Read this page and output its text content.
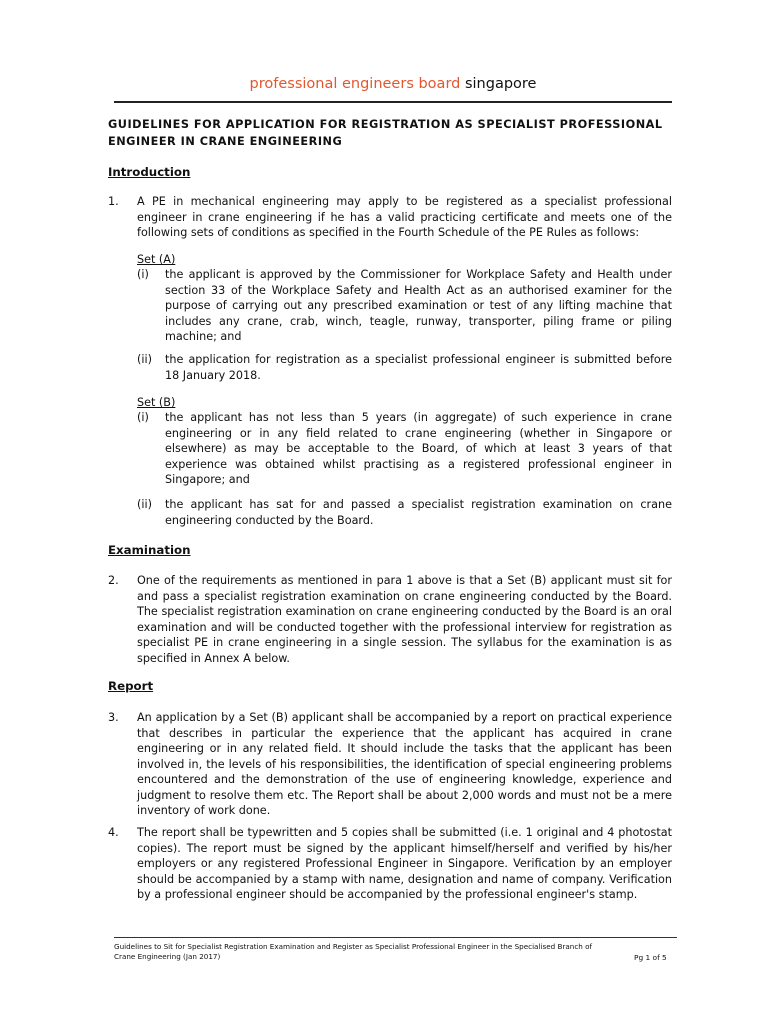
professional engineers board singapore
GUIDELINES FOR APPLICATION FOR REGISTRATION AS SPECIALIST PROFESSIONAL
ENGINEER IN CRANE ENGINEERING
Introduction
1. A PE in mechanical engineering may apply to be registered as a specialist professional engineer in crane engineering if he has a valid practicing certificate and meets one of the following sets of conditions as specified in the Fourth Schedule of the PE Rules as follows:
Set (A)
(i) the applicant is approved by the Commissioner for Workplace Safety and Health under section 33 of the Workplace Safety and Health Act as an authorised examiner for the purpose of carrying out any prescribed examination or test of any lifting machine that includes any crane, crab, winch, teagle, runway, transporter, piling frame or piling machine; and
(ii) the application for registration as a specialist professional engineer is submitted before 18 January 2018.
Set (B)
(i) the applicant has not less than 5 years (in aggregate) of such experience in crane engineering or in any field related to crane engineering (whether in Singapore or elsewhere) as may be acceptable to the Board, of which at least 3 years of that experience was obtained whilst practising as a registered professional engineer in Singapore; and
(ii) the applicant has sat for and passed a specialist registration examination on crane engineering conducted by the Board.
Examination
2. One of the requirements as mentioned in para 1 above is that a Set (B) applicant must sit for and pass a specialist registration examination on crane engineering conducted by the Board. The specialist registration examination on crane engineering conducted by the Board is an oral examination and will be conducted together with the professional interview for registration as specialist PE in crane engineering in a single session. The syllabus for the examination is as specified in Annex A below.
Report
3. An application by a Set (B) applicant shall be accompanied by a report on practical experience that describes in particular the experience that the applicant has acquired in crane engineering or in any related field. It should include the tasks that the applicant has been involved in, the levels of his responsibilities, the identification of special engineering problems encountered and the demonstration of the use of engineering knowledge, experience and judgment to resolve them etc. The Report shall be about 2,000 words and must not be a mere inventory of work done.
4. The report shall be typewritten and 5 copies shall be submitted (i.e. 1 original and 4 photostat copies). The report must be signed by the applicant himself/herself and verified by his/her employers or any registered Professional Engineer in Singapore. Verification by an employer should be accompanied by a stamp with name, designation and name of company. Verification by a professional engineer should be accompanied by the professional engineer's stamp.
Guidelines to Sit for Specialist Registration Examination and Register as Specialist Professional Engineer in the Specialised Branch of Crane Engineering (Jan 2017)	Pg 1 of 5
